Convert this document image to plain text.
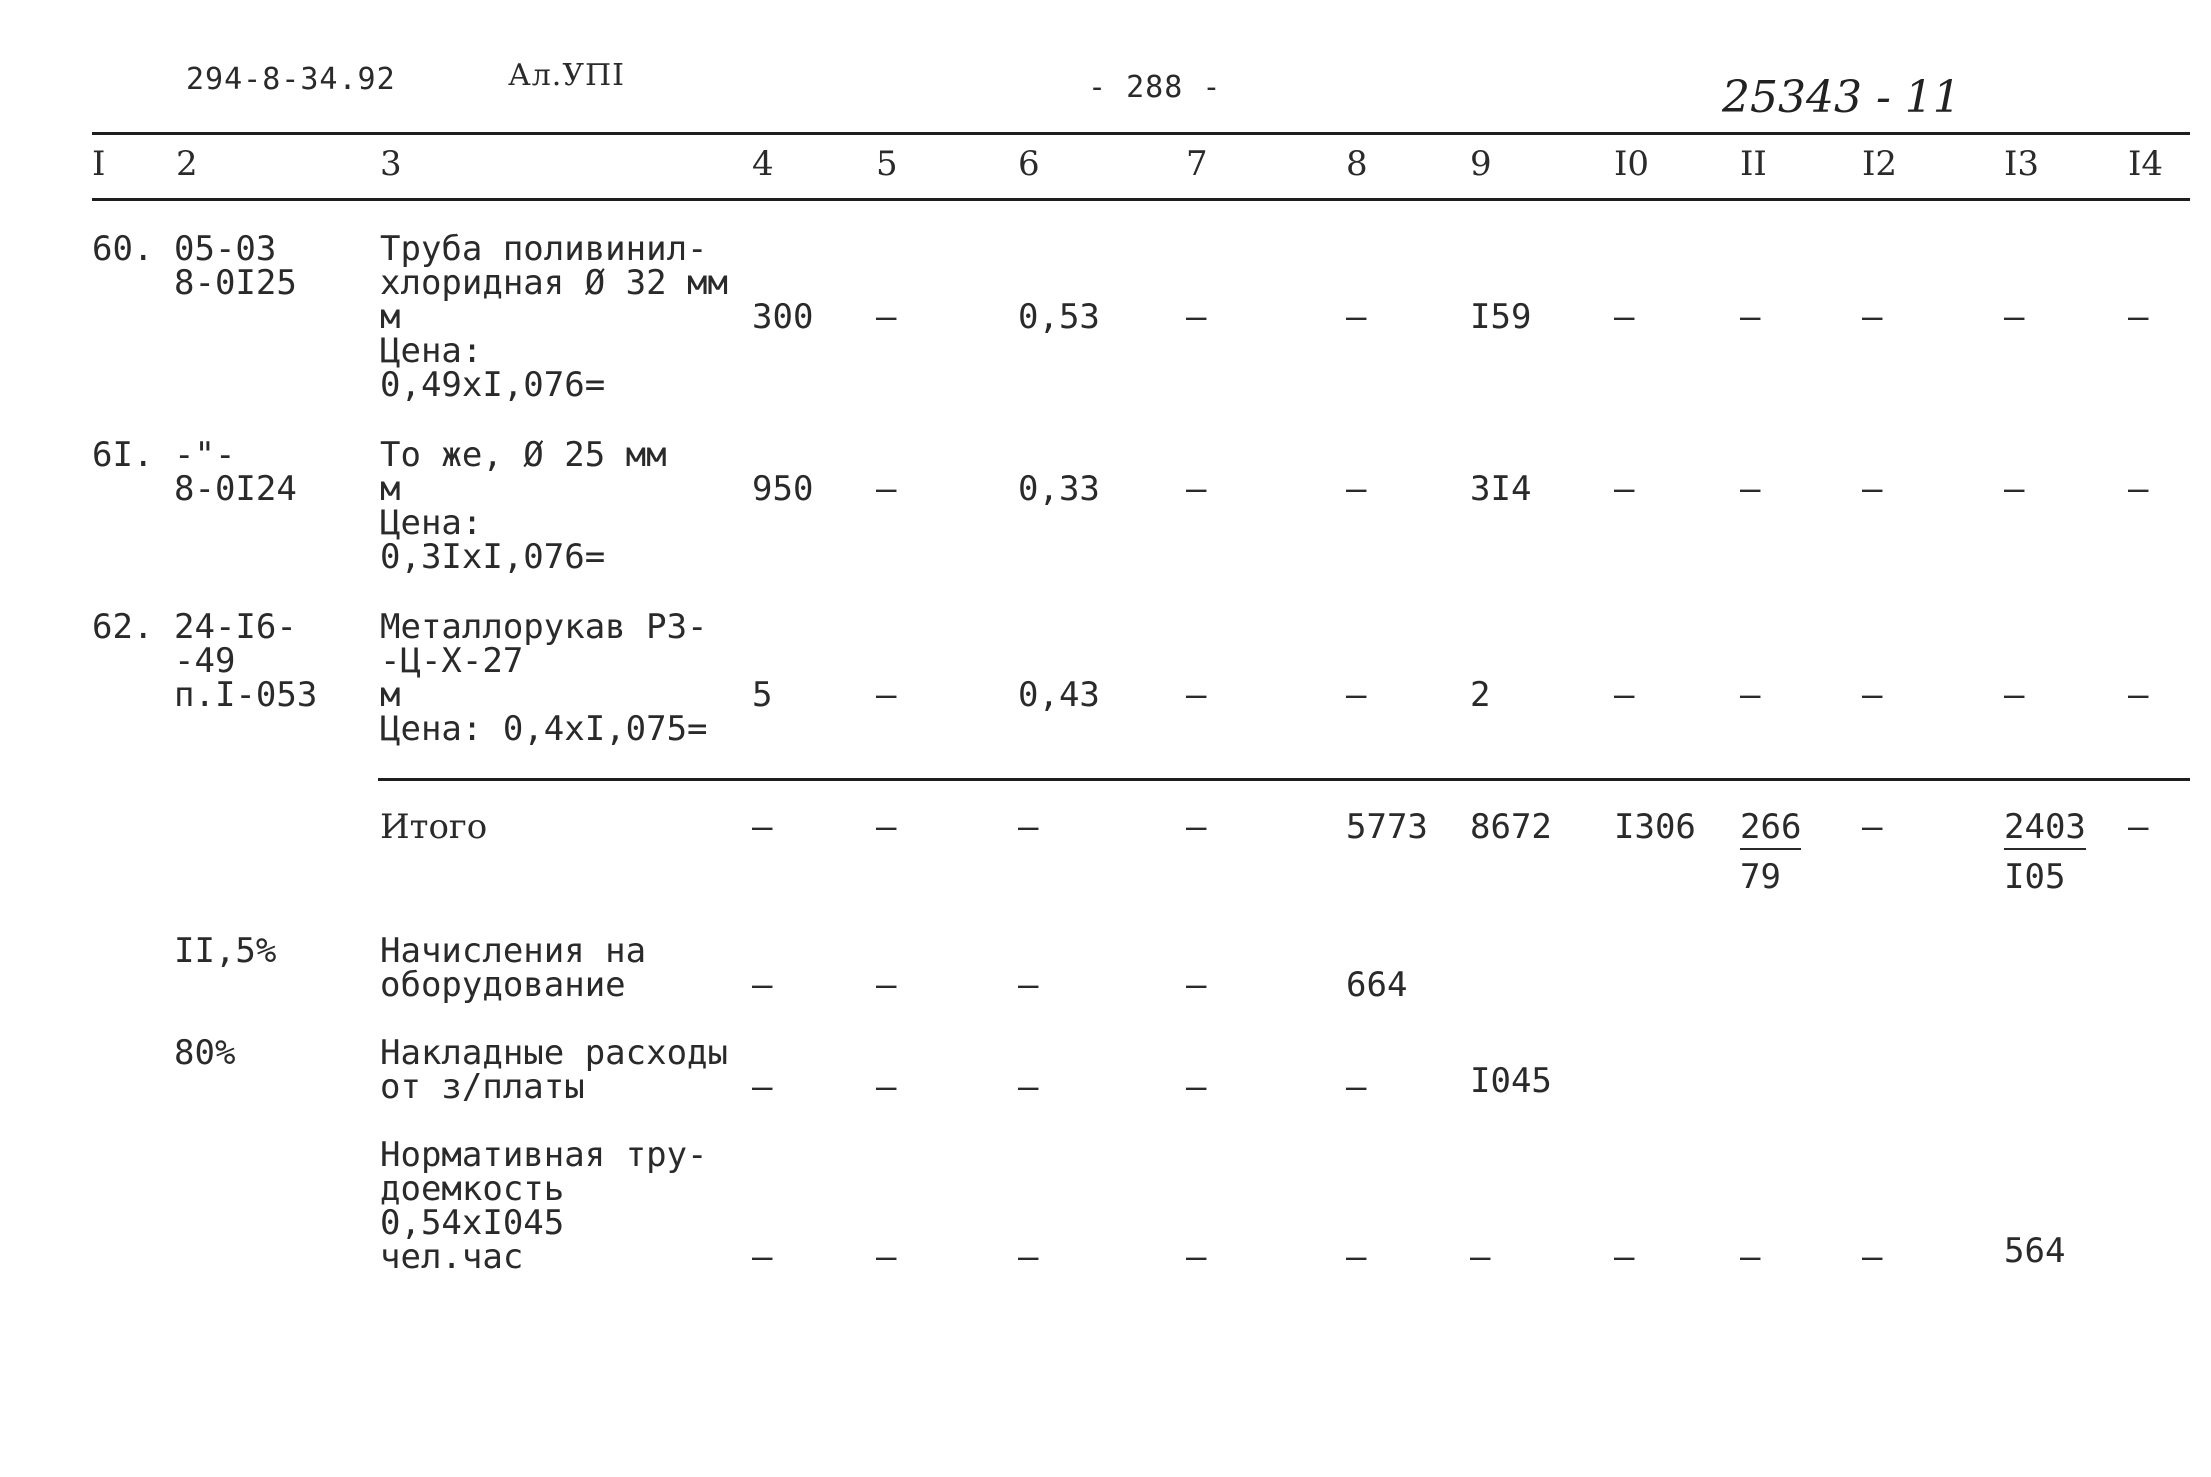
294-8-34.92	Ал.УПI	- 288 -	25343 - 11
I 2	3	4	5	6	7	8	9	I0	II	I2	I3	I4
60. 05-03
8-0I25
Труба поливинил-
хлоридная Ø 32 мм
м
Цена:
0,49хI,076=
300 –	0,53	–	–	I59 –	–	–	–	–
6I. -"-
8-0I24
То же, Ø 25 мм
м
Цена:
0,3IхI,076=
950 –	0,33	–	–	3I4 –	–	–	–	–
62. 24-I6-
-49
п.I-053
Металлорукав РЗ-
-Ц-Х-27
м
Цена: 0,4хI,075=
5	–	0,43	–	–	2	–	–	–	–	–
Итого	–	–	–	–	5773 8672 $I306 \frac{266}{79}$ –	$\frac{2403}{I05}$ –
II,5%	Начисления на
оборудование	–	–	–	–	664
80%	Накладные расходы
от з/платы	–	–	–	–	–	I045
Нормативная тру-
доемкость
0,54хI045
чел.час	–	–	–	–	–	–	–	–	–	564
